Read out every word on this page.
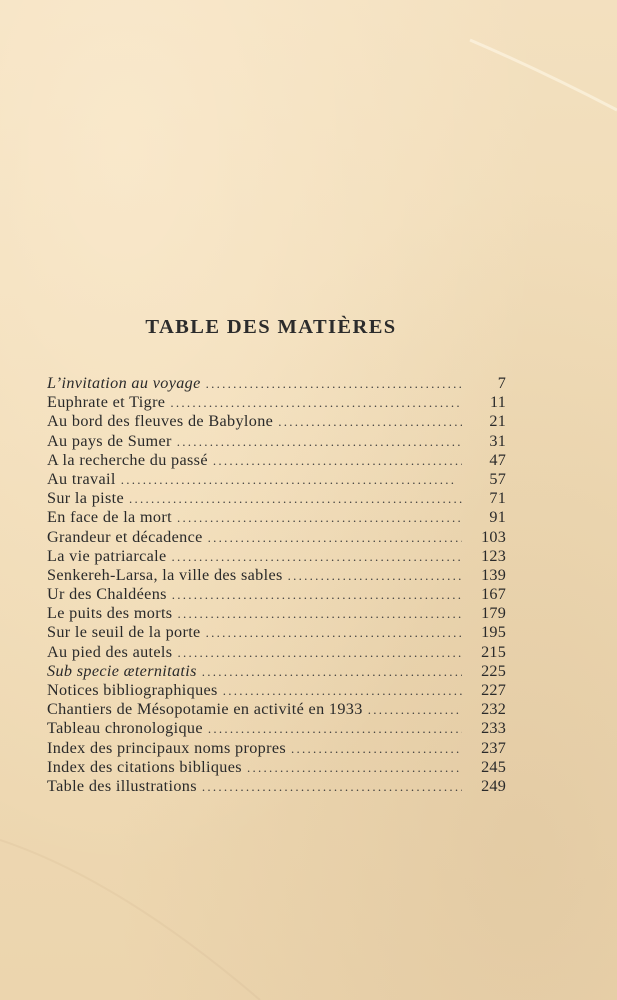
TABLE DES MATIÈRES
L’invitation au voyage . . .	7
Euphrate et Tigre . . .	11
Au bord des fleuves de Babylone . . .	21
Au pays de Sumer . . .	31
A la recherche du passé . . .	47
Au travail . . .	57
Sur la piste . . .	71
En face de la mort . . .	91
Grandeur et décadence . . .	103
La vie patriarcale . . .	123
Senkereh-Larsa, la ville des sables . . .	139
Ur des Chaldéens . . .	167
Le puits des morts . . .	179
Sur le seuil de la porte . . .	195
Au pied des autels . . .	215
Sub specie æternitatis . . .	225
Notices bibliographiques . . .	227
Chantiers de Mésopotamie en activité en 1933 . . .	232
Tableau chronologique . . .	233
Index des principaux noms propres . . .	237
Index des citations bibliques . . .	245
Table des illustrations . . .	249
